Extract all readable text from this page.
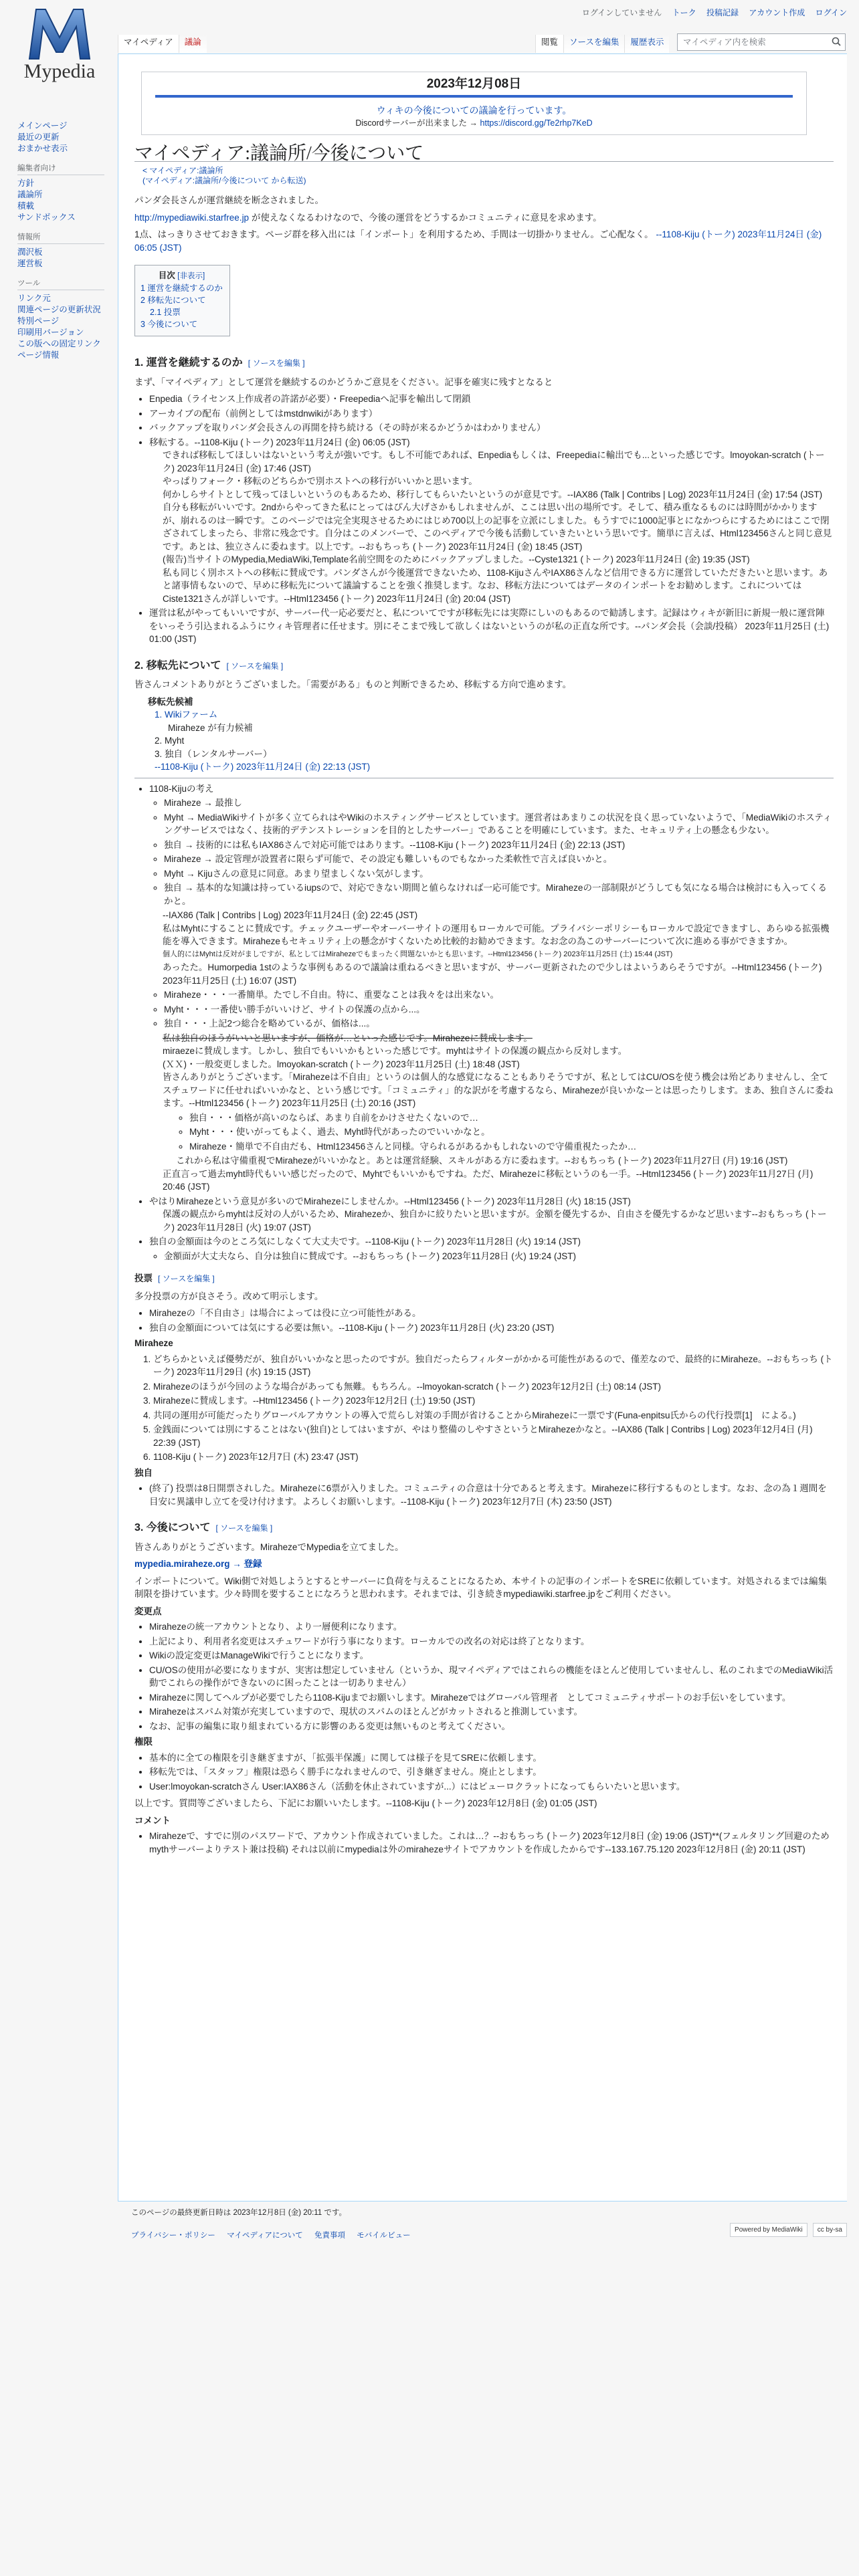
Mypedia
ログインしていません トーク 投稿記録 アカウント作成 ログイン
マイペディア	議論	閲覧	ソースを編集	履歴表示	マイペディア内を検索
メインページ
最近の更新
おまかせ表示
編集者向け
方針
議論所
積載
サンドボックス
情報所
潤沢板
運営板
ツール
リンク元
関連ページの更新状況
特別ページ
印刷用バージョン
この版への固定リンク
ページ情報
2023年12月08日
ウィキの今後についての議論を行っています。
Discordサーバーが出来ました → https://discord.gg/Te2rhp7KeD
マイペディア:議論所/今後について
< マイペディア:議論所
(マイペディア:議論所/今後について から転送)

パンダ会長さんが運営継続を断念されました。

http://mypediawiki.starfree.jp が使えなくなるわけなので、今後の運営をどうするかコミュニティに意見を求めます。

1点、はっきりさせておきます。ページ群を移入出には「インポート」を利用するため、手間は一切掛かりません。ご心配なく。 --1108-Kiju (トーク) 2023年11月24日 (金) 06:05 (JST)

目次 [非表示]
1 運営を継続するのか
2 移転先について
2.1 投票
3 今後について
1. 運営を継続するのか [ ソースを編集 ]

まず、「マイペディア」として運営を継続するのかどうかご意見をください。記事を確実に残すとなると

• Enpedia（ライセンス上作成者の許諾が必要）・Freepediaへ記事を輸出して閉鎖
• アーカイブの配布（前例としてはmstdnwikiがあります）
• バックアップを取りパンダ会長さんの再開を持ち続ける（その時が来るかどうかはわかりません）
• 移転する。--1108-Kiju (トーク) 2023年11月24日 (金) 06:05 (JST)
できれば移転してほしいはないという考えが強いです。もし不可能であれば、Enpediaもしくは、Freepediaに輸出でも...といった感じです。lmoyokan-scratch (トーク) 2023年11月24日 (金) 17:46 (JST)
やっぱりフォーク・移転のどちらかで別ホストへの移行がいいかと思います。
何かしらサイトとして残ってほしいというのもあるため、移行してもらいたいというのが意見です。--IAX86 (Talk | Contribs | Log) 2023年11月24日 (金) 17:54 (JST)
自分も移転がいいです。2ndからやってきた私にとってはぴん大げさかもしれませんが、ここは思い出の場所です。そして、積み重なるものには時間がかかりますが、崩れるのは一瞬です。このページでは完全実現させるためにはじめ700以上の記事を立派にしました。もうすでに1000記事とになかつらにするためにはここで閉ざされてしまったら、非常に残念です。自分はこのメンバーで、このペディアで今後も活動していきたいという思いです。簡単に言えば、Html123456さんと同じ意見です。あとは、独立さんに委ねます。以上です。--おもちっち (トーク) 2023年11月24日 (金) 18:45 (JST)
(報告)当サイトのMypedia,MediaWiki,Template名前空間をのためにバックアップしました。--Cyste1321 (トーク) 2023年11月24日 (金) 19:35 (JST)
私も同じく別ホストへの移転に賛成です。パンダさんが今後運営できないため、1108-KijuさんやIAX86さんなど信用できる方に運営していただきたいと思います。あと諸事情もないので、早めに移転先について議論することを強く推奨します。なお、移転方法についてはデータのインポートをお勧めします。これについてはCiste1321さんが詳しいです。--Html123456 (トーク) 2023年11月24日 (金) 20:04 (JST)
• 運営は私がやってもいいですが、サーバー代一応必要だと、私についてですが移転先には実際にしいのもあるので勧誘します。記録はウィキが新旧に新規一般に運営陣をいっそう引込まれるふうにウィキ管理者に任せます。別にそこまで残して欲しくはないというのが私の正直な所です。--パンダ会長（会談/投稿） 2023年11月25日 (土) 01:00 (JST)
2. 移転先について [ ソースを編集 ]

皆さんコメントありがとうございました。「需要がある」ものと判断できるため、移転する方向で進めます。

移転先候補
1. Wikiファーム
Miraheze が有力候補
2. Myht
3. 独自（レンタルサーバー）
--1108-Kiju (トーク) 2023年11月24日 (金) 22:13 (JST)
• 1108-Kijuの考え
◦ Miraheze → 最推し
◦ Myht → MediaWikiサイトが多く立てられはやWikiのホスティングサービスとしています。運営者はあまりこの状況を良く思っていないようで、「MediaWikiのホスティングサービスではなく、技術的デテンストレーションを目的としたサーバー」であることを明確にしています。また、セキュリティ上の懸念も少ない。
◦ 独自 → 技術的には私もIAX86さんで対応可能ではあります。--1108-Kiju (トーク) 2023年11月24日 (金) 22:13 (JST)
◦ Miraheze → 設定管理が設置者に限らず可能で、その設定も難しいものでもなかった柔軟性で言えば良いかと。
◦ Myht → Kijuさんの意見に同意。あまり望ましくない気がします。
◦ 独自 → 基本的な知識は持っているiupsので、対応できない期間と値らなければ一応可能です。Mirahezeの一部制限がどうしても気になる場合は検討にも入ってくるかと。
--IAX86 (Talk | Contribs | Log) 2023年11月24日 (金) 22:45 (JST)
私はMyhtにすることに賛成です。チェックユーザーやオーバーサイトの運用もローカルで可能。プライバシーポリシーもローカルで設定できますし、あらゆる拡張機能を導入できます。Mirahezeもセキュリティ上の懸念がすくないため比較的お勧めできます。なお念の為このサーバーについて次に進める事ができますか。
個人的にはMyhtは反対がましですが、私としてはMirahezeでもまったく問題ないかとも思います。--Html123456 (トーク) 2023年11月25日 (土) 15:44 (JST)
あったた。Humorpedia 1stのような事例もあるので議論は重ねるべきと思いますが、サーバー更新されたので少しはよいうあらそうですが。--Html123456 (トーク) 2023年11月25日 (土) 16:07 (JST)
◦ Miraheze・・・一番簡単。たでし不自由。特に、重要なことは我々をは出来ない。
◦ Myht・・・一番使い勝手がいいけど、サイトの保護の点から...。
◦ 独自・・・上記2つ総合を略めているが、価格は...。
私は独自のほうがいいと思いますが、価格が…といった感じです。Mirahezeに賛成します。
miraezeに賛成します。しかし、独自でもいいかもといった感じです。myhtはサイトの保護の観点から反対します。
(ＸＸ)・一般変更しました。lmoyokan-scratch (トーク) 2023年11月25日 (土) 18:48 (JST)
皆さんありがとうございます。「Mirahezeは不自由」というのは個人的な感覚になることもありそうですが、私としてはCU/OSを使う機会は殆どありませんし、全てスチュワードに任せればいいかなと、という感じです。「コミュニティ」的な訳がを考慮するなら、Mirahezeが良いかなーとは思ったりします。まあ、独自さんに委ねます。--Html123456 (トーク) 2023年11月25日 (土) 20:16 (JST)
◦ 独自・・・価格が高いのならば、あまり自前をかけさせたくないので…
◦ Myht・・・使いがってもよく、過去、Myht時代があったのでいいかなと。
◦ Miraheze・簡単で不自由だも、Html123456さんと同様。守られるがあるかもしれないので守備重視たったか…
これから私は守備重視でMirahezeがいいかなと。あとは運営経験、スキルがある方に委ねます。--おもちっち (トーク) 2023年11月27日 (月) 19:16 (JST)
正直言って過去myht時代もいい感じだったので、Myhtでもいいかもですね。ただ、Mirahezeに移転というのも一手。--Html123456 (トーク) 2023年11月27日 (月) 20:46 (JST)
• やはりMirahezeという意見が多いのでMirahezeにしませんか。--Html123456 (トーク) 2023年11月28日 (火) 18:15 (JST)
保護の観点からmyhtは反対の人がいるため、Mirahezeか、独自かに絞りたいと思いますが。金額を優先するか、自由さを優先するかなど思います--おもちっち (トーク) 2023年11月28日 (火) 19:07 (JST)
• 独自の金額面は今のところ気にしなくて大丈夫です。--1108-Kiju (トーク) 2023年11月28日 (火) 19:14 (JST)
◦ 金額面が大丈夫なら、自分は独自に賛成です。--おもちっち (トーク) 2023年11月28日 (火) 19:24 (JST)
投票 [ ソースを編集 ]

多分投票の方が良さそう。改めて明示します。

• Mirahezeの「不自由さ」は場合によっては役に立つ可能性がある。
• 独自の金額面については気にする必要は無い。--1108-Kiju (トーク) 2023年11月28日 (火) 23:20 (JST)
Miraheze
1. どちらかといえば優勢だが、独自がいいかなと思ったのですが。独自だったらフィルターがかかる可能性があるので、僅差なので、最終的にMiraheze。--おもちっち (トーク) 2023年11月29日 (水) 19:15 (JST)
2. Mirahezeのほうが今回のような場合があっても無難。もちろん。--lmoyokan-scratch (トーク) 2023年12月2日 (土) 08:14 (JST)
3. Mirahezeに賛成します。--Html123456 (トーク) 2023年12月2日 (土) 19:50 (JST)
4. 共同の運用が可能だったりグローバルアカウントの導入で荒らし対策の手間が省けることからMirahezeに一票です(Funa-enpitsu氏からの代行投票[1]　による。)
5. 金銭面については別にすることはない(独自)としてはいますが、やはり整備のしやすさというとMirahezeかなと。--IAX86 (Talk | Contribs | Log) 2023年12月4日 (月) 22:39 (JST)
6. 1108-Kiju (トーク) 2023年12月7日 (木) 23:47 (JST)
独自
• (終了) 投票は8日開票されした。Mirahezeに6票が入りました。コミュニティの合意は十分であると考えます。Mirahezeに移行するものとします。なお、念の為１週間を目安に異議申し立てを受け付けます。よろしくお願いします。--1108-Kiju (トーク) 2023年12月7日 (木) 23:50 (JST)
3. 今後について [ ソースを編集 ]

皆さんありがとうございます。MirahezeでMypediaを立てました。

mypedia.miraheze.org → 登録

インポートについて。Wiki側で対処しようとするとサーバーに負荷を与えることになるため、本サイトの記事のインポートをSREに依頼しています。対処されるまでは編集制限を掛けています。少々時間を要することになろうと思われます。それまでは、引き続きmypediawiki.starfree.jpをご利用ください。

変更点
• Mirahezeの統一アカウントとなり、より一層便利になります。
• 上記により、利用者名変更はスチュワードが行う事になります。ローカルでの改名の対応は終了となります。
• Wikiの設定変更はManageWikiで行うことになります。
• CU/OSの使用が必要になりますが、実害は想定していません（というか、現マイペディアではこれらの機能をほとんど使用していませんし、私のこれまでのMediaWiki活動でこれらの操作ができないのに困ったことは一切ありません）
• Mirahezeに関してヘルプが必要でしたら1108-Kijuまでお願いします。Mirahezeではグローバル管理者　としてコミュニティサポートのお手伝いをしています。
• Mirahezeはスパム対策が充実していますので、現状のスパムのほとんどがカットされると推測しています。
• なお、記事の編集に取り組まれている方に影響のある変更は無いものと考えてください。
権限
• 基本的に全ての権限を引き継ぎますが、「拡張半保護」に関しては様子を見てSREに依頼します。
• 移転先では、「スタッフ」権限は恐らく勝手になれませんので、引き継ぎません。廃止とします。
• User:lmoyokan-scratchさん User:IAX86さん（活動を休止されていますが...）にはビューロクラットになってもらいたいと思います。

以上です。質問等ございましたら、下記にお願いいたします。--1108-Kiju (トーク) 2023年12月8日 (金) 01:05 (JST)

コメント
• Mirahezeで、すでに別のパスワードで、アカウント作成されていました。これは…？--おもちっち (トーク) 2023年12月8日 (金) 19:06 (JST)**(フェルタリング回避のためmythサーバーよりテスト兼は投稿) それは以前にmypediaは外のmirahezeサイトでアカウントを作成したからです--133.167.75.120 2023年12月8日 (金) 20:11 (JST)
このページの最終更新日時は 2023年12月8日 (金) 20:11 です。
プライバシー・ポリシー マイペディアについて 免責事項 モバイルビュー
Powered by MediaWiki	cc by-sa
